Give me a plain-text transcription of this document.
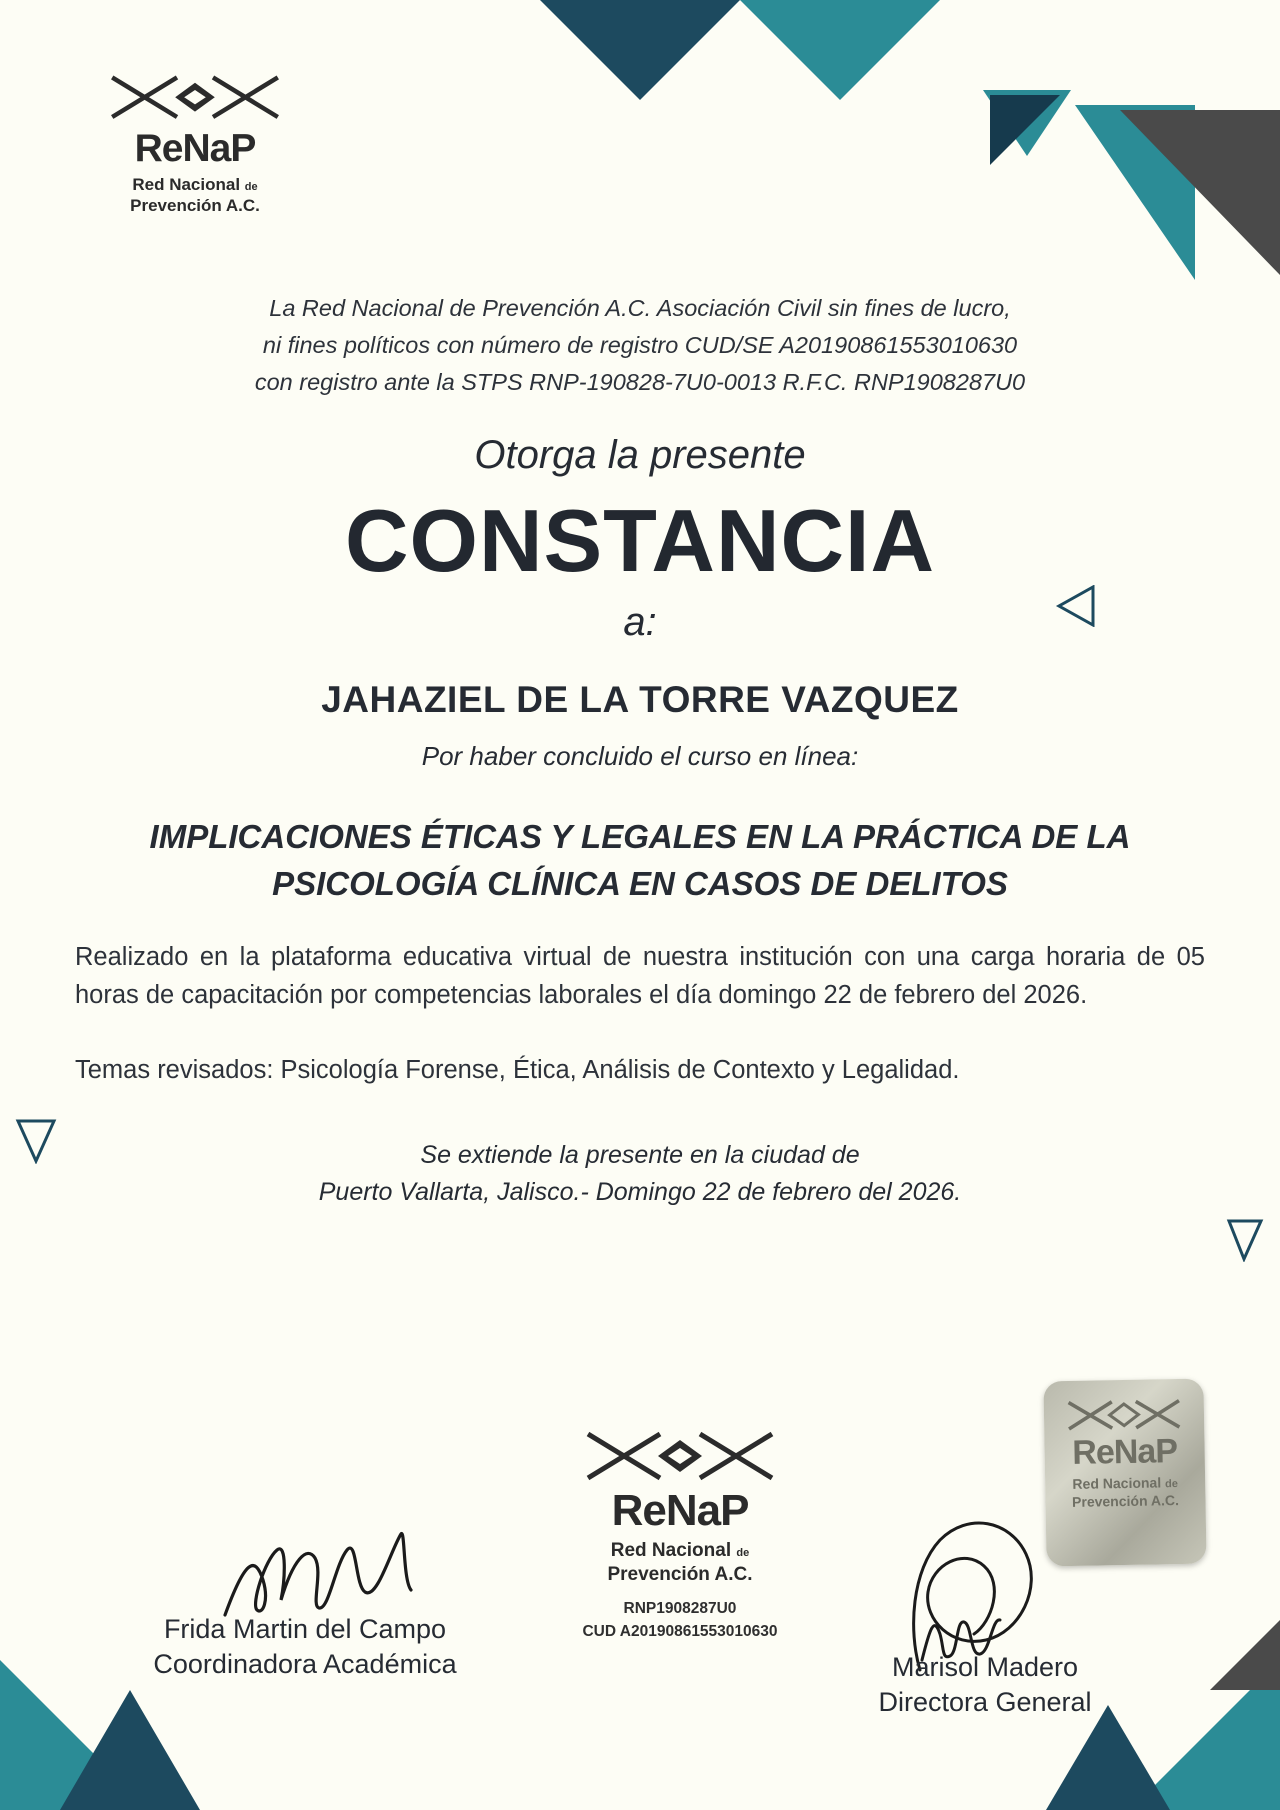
ReNaP
Red Nacional de
Prevención A.C.
La Red Nacional de Prevención A.C. Asociación Civil sin fines de lucro,
ni fines políticos con número de registro CUD/SE A20190861553010630
con registro ante la STPS RNP-190828-7U0-0013 R.F.C. RNP1908287U0
Otorga la presente
CONSTANCIA
a:
JAHAZIEL DE LA TORRE VAZQUEZ
Por haber concluido el curso en línea:
IMPLICACIONES ÉTICAS Y LEGALES EN LA PRÁCTICA DE LA PSICOLOGÍA CLÍNICA EN CASOS DE DELITOS
Realizado en la plataforma educativa virtual de nuestra institución con una carga horaria de 05 horas de capacitación por competencias laborales el día domingo 22 de febrero del 2026.
Temas revisados: Psicología Forense, Ética, Análisis de Contexto y Legalidad.
Se extiende la presente en la ciudad de
Puerto Vallarta, Jalisco.- Domingo 22 de febrero del 2026.
ReNaP
Red Nacional de
Prevención A.C.
RNP1908287U0
CUD A20190861553010630
ReNaP
Red Nacional de
Prevención A.C.
Frida Martin del Campo
Coordinadora Académica	Marisol Madero
Directora General
